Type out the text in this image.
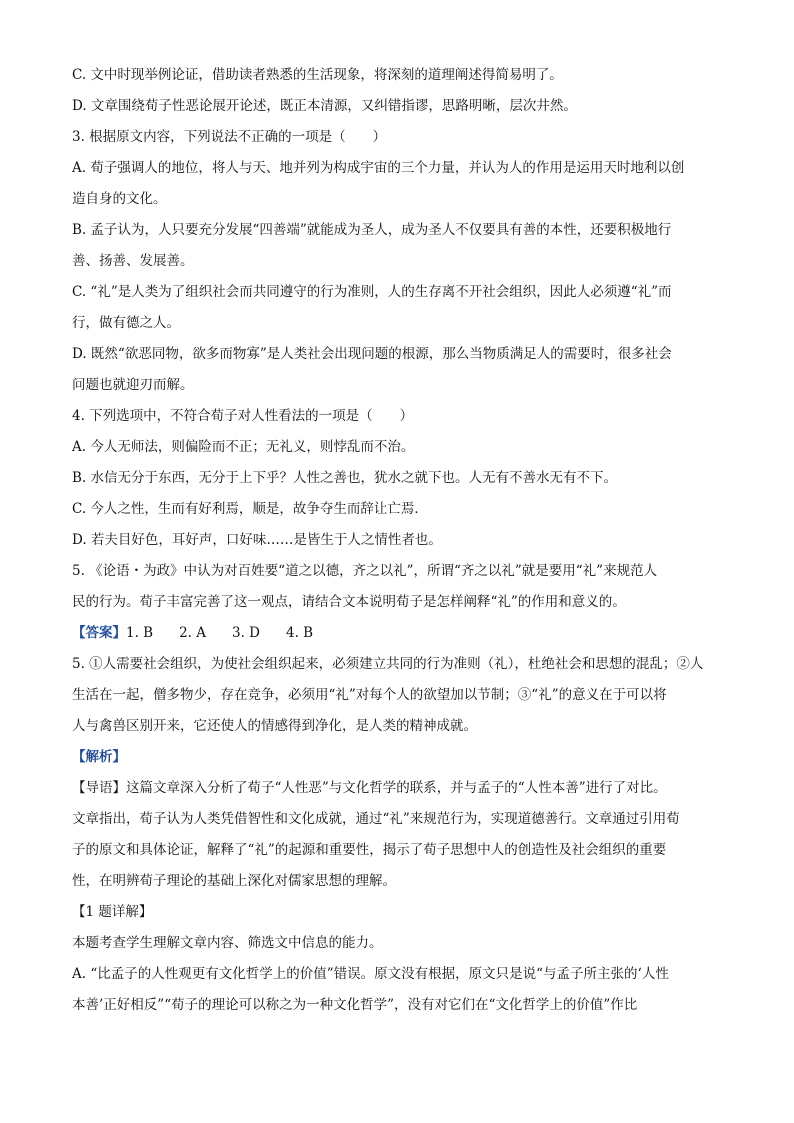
C. 文中时现举例论证，借助读者熟悉的生活现象，将深刻的道理阐述得简易明了。

D. 文章围绕荀子性恶论展开论述，既正本清源，又纠错指谬，思路明晰，层次井然。

3. 根据原文内容，下列说法不正确的一项是（　　）

A. 荀子强调人的地位，将人与天、地并列为构成宇宙的三个力量，并认为人的作用是运用天时地利以创

造自身的文化。

B. 孟子认为，人只要充分发展“四善端”就能成为圣人，成为圣人不仅要具有善的本性，还要积极地行

善、扬善、发展善。

C. “礼”是人类为了组织社会而共同遵守的行为准则，人的生存离不开社会组织，因此人必须遵“礼”而

行，做有德之人。

D. 既然“欲恶同物，欲多而物寡”是人类社会出现问题的根源，那么当物质满足人的需要时，很多社会

问题也就迎刃而解。

4. 下列选项中，不符合荀子对人性看法的一项是（　　）

A. 今人无师法，则偏险而不正；无礼义，则悖乱而不治。

B. 水信无分于东西，无分于上下乎？人性之善也，犹水之就下也。人无有不善水无有不下。

C. 今人之性，生而有好利焉，顺是，故争夺生而辞让亡焉．

D. 若夫目好色，耳好声，口好味……是皆生于人之情性者也。

5. 《论语・为政》中认为对百姓要“道之以德，齐之以礼”，所谓“齐之以礼”就是要用“礼”来规范人

民的行为。荀子丰富完善了这一观点，请结合文本说明荀子是怎样阐释“礼”的作用和意义的。

【答案】1. B 2. A 3. D 4. B

5. ①人需要社会组织，为使社会组织起来，必须建立共同的行为准则（礼），杜绝社会和思想的混乱；②人

生活在一起，僧多物少，存在竞争，必须用“礼”对每个人的欲望加以节制；③“礼”的意义在于可以将

人与禽兽区别开来，它还使人的情感得到净化，是人类的精神成就。

【解析】

【导语】这篇文章深入分析了荀子“人性恶”与文化哲学的联系，并与孟子的“人性本善”进行了对比。

文章指出，荀子认为人类凭借智性和文化成就，通过“礼”来规范行为，实现道德善行。文章通过引用荀

子的原文和具体论证，解释了“礼”的起源和重要性，揭示了荀子思想中人的创造性及社会组织的重要

性，在明辨荀子理论的基础上深化对儒家思想的理解。

【1 题详解】

本题考查学生理解文章内容、筛选文中信息的能力。

A. “比孟子的人性观更有文化哲学上的价值”错误。原文没有根据，原文只是说“与孟子所主张的‘人性

本善’正好相反”“荀子的理论可以称之为一种文化哲学”，没有对它们在“文化哲学上的价值”作比
